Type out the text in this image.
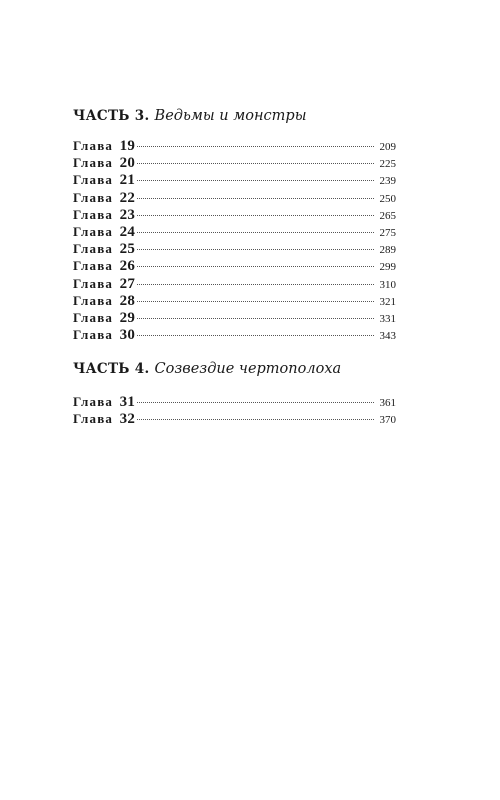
ЧАСТЬ 3. Ведьмы и монстры
Глава 19	209
Глава 20	225
Глава 21	239
Глава 22	250
Глава 23	265
Глава 24	275
Глава 25	289
Глава 26	299
Глава 27	310
Глава 28	321
Глава 29	331
Глава 30	343
ЧАСТЬ 4. Созвездие чертополоха
Глава 31	361
Глава 32	370
